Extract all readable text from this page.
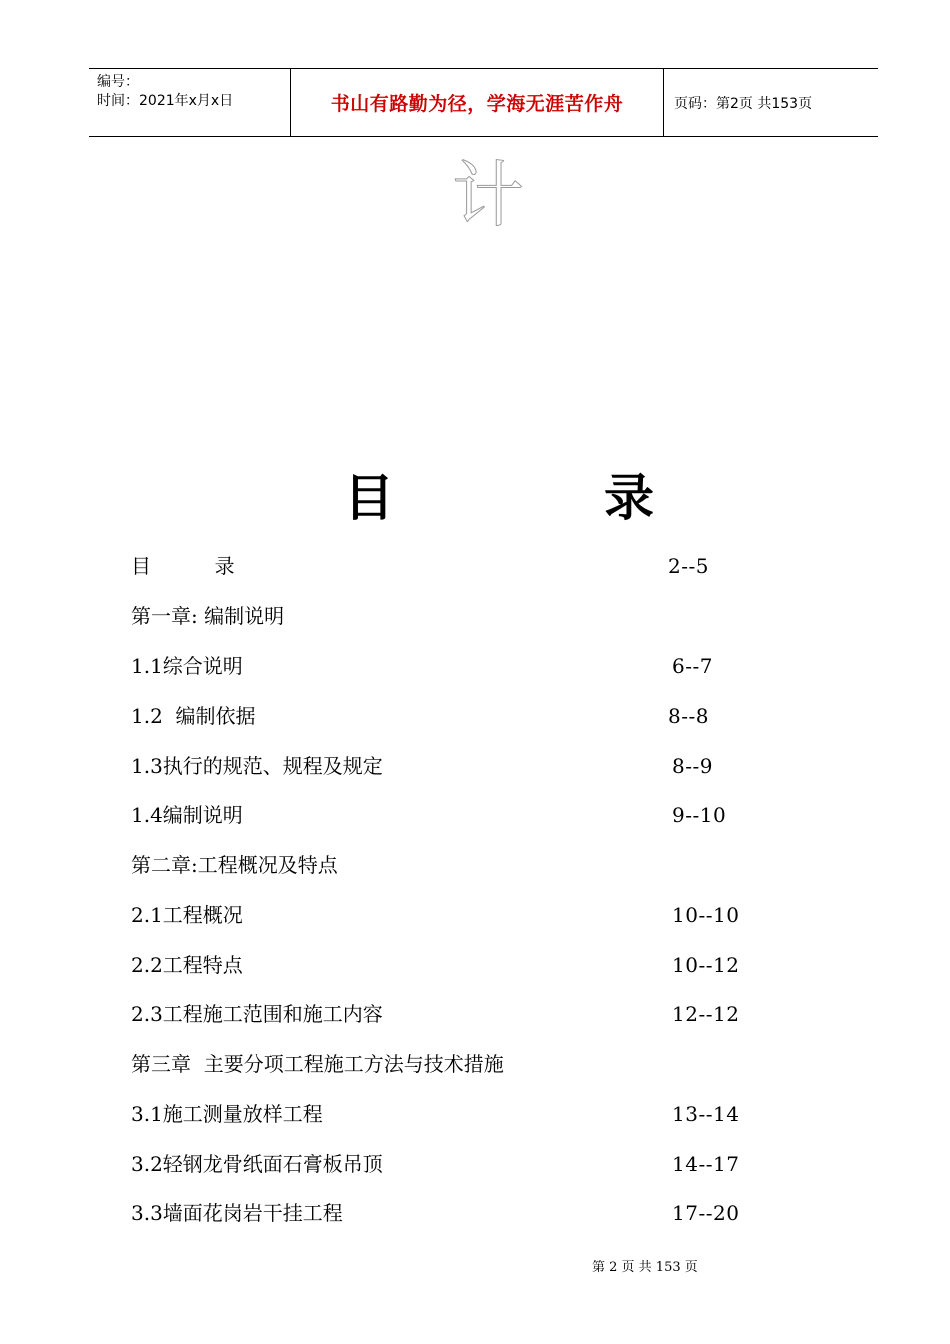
编号：
时间：2021年x月x日	书山有路勤为径，学海无涯苦作舟	页码：第2页 共153页
计
目	录
目          录	2--5
第一章: 编制说明
1.1综合说明	6--7
1.2  编制依据	8--8
1.3执行的规范、规程及规定	8--9
1.4编制说明	9--10
第二章:工程概况及特点
2.1工程概况	10--10
2.2工程特点	10--12
2.3工程施工范围和施工内容	12--12
第三章  主要分项工程施工方法与技术措施
3.1施工测量放样工程	13--14
3.2轻钢龙骨纸面石膏板吊顶	14--17
3.3墙面花岗岩干挂工程	17--20
第 2 页 共 153 页
